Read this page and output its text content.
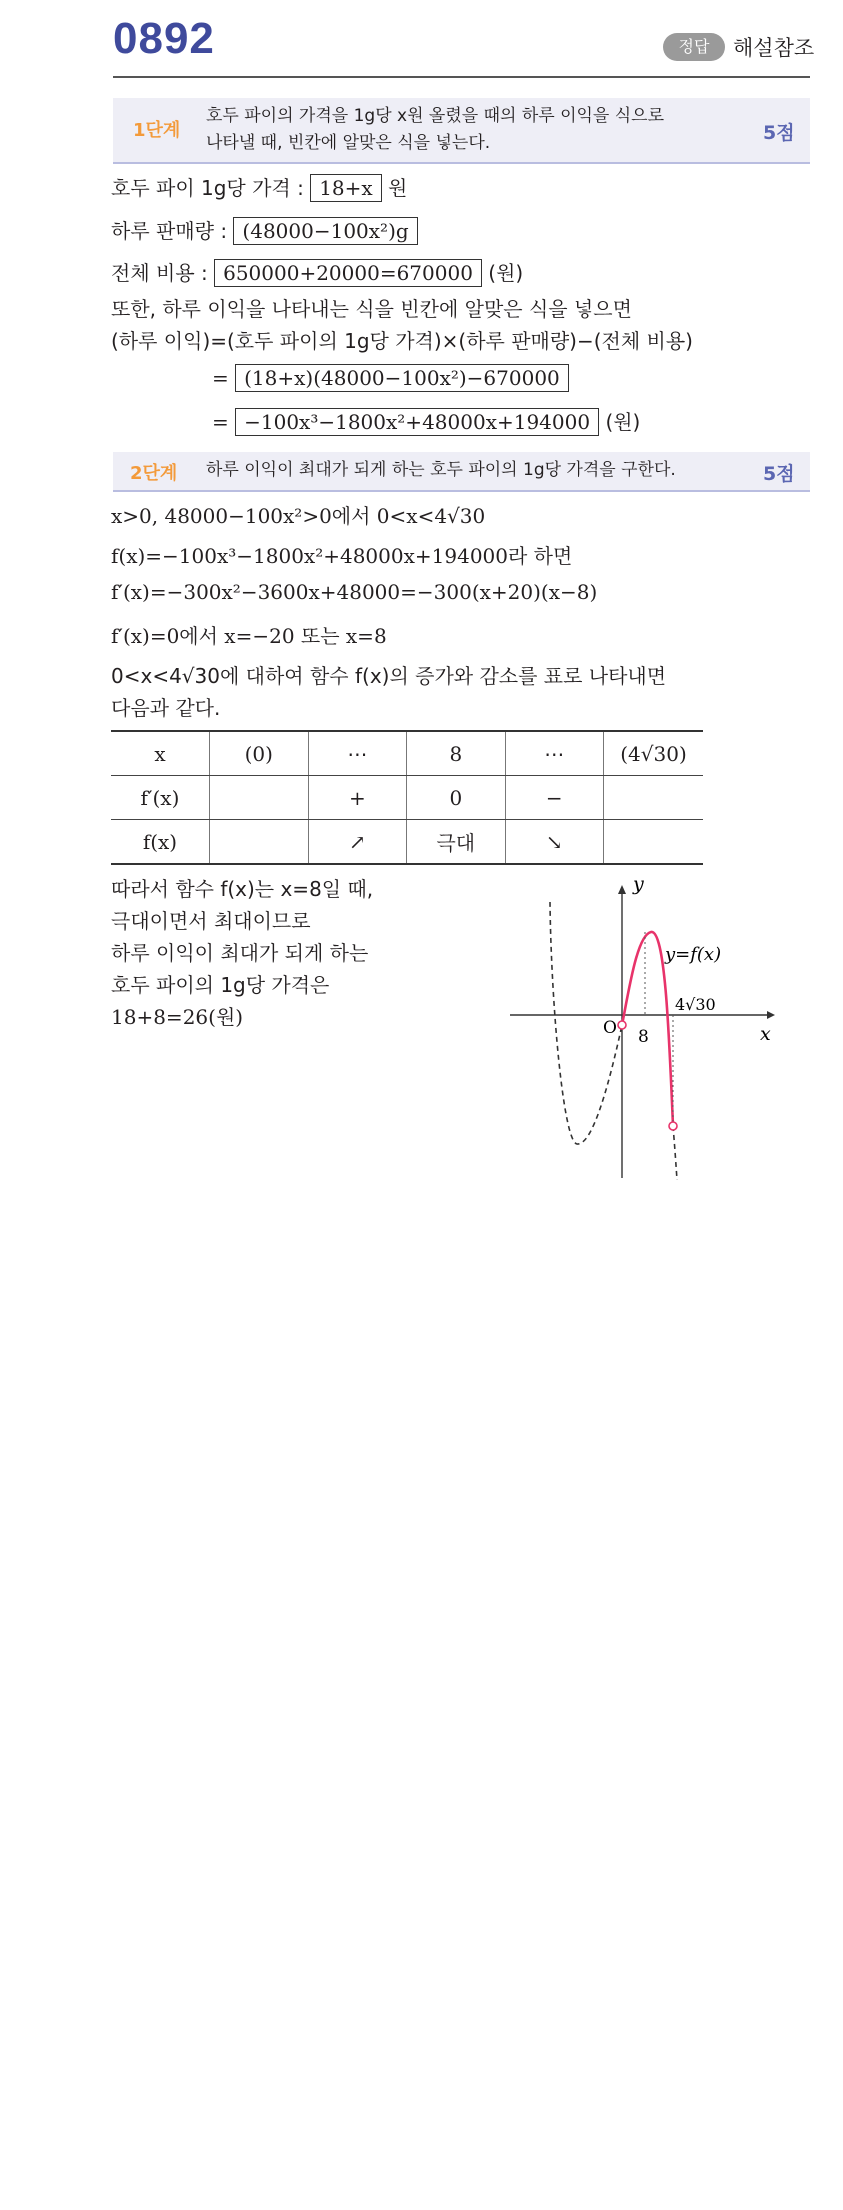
0892	정답	해설참조
1단계
호두 파이의 가격을 1g당 x원 올렸을 때의 하루 이익을 식으로
나타낼 때, 빈칸에 알맞은 식을 넣는다.	5점
호두 파이 1g당 가격 : 18+x 원
하루 판매량 : (48000−100x²)g
전체 비용 : 650000+20000=670000 (원)
또한, 하루 이익을 나타내는 식을 빈칸에 알맞은 식을 넣으면
(하루 이익)=(호두 파이의 1g당 가격)×(하루 판매량)−(전체 비용)
= (18+x)(48000−100x²)−670000
= −100x³−1800x²+48000x+194000 (원)
2단계 하루 이익이 최대가 되게 하는 호두 파이의 1g당 가격을 구한다.	5점
x>0, 48000−100x²>0에서 0<x<4√30
f(x)=−100x³−1800x²+48000x+194000라 하면
f′(x)=−300x²−3600x+48000=−300(x+20)(x−8)
f′(x)=0에서 x=−20 또는 x=8
0<x<4√30에 대하여 함수 f(x)의 증가와 감소를 표로 나타내면
다음과 같다.
x	(0)	⋯	8	⋯	(4√30)
f′(x)		+	0	−	
f(x)		↗	극대	↘	
따라서 함수 f(x)는 x=8일 때,
극대이면서 최대이므로
하루 이익이 최대가 되게 하는
호두 파이의 1g당 가격은
18+8=26(원)
y
x
O
y=f(x)
8
4√30
